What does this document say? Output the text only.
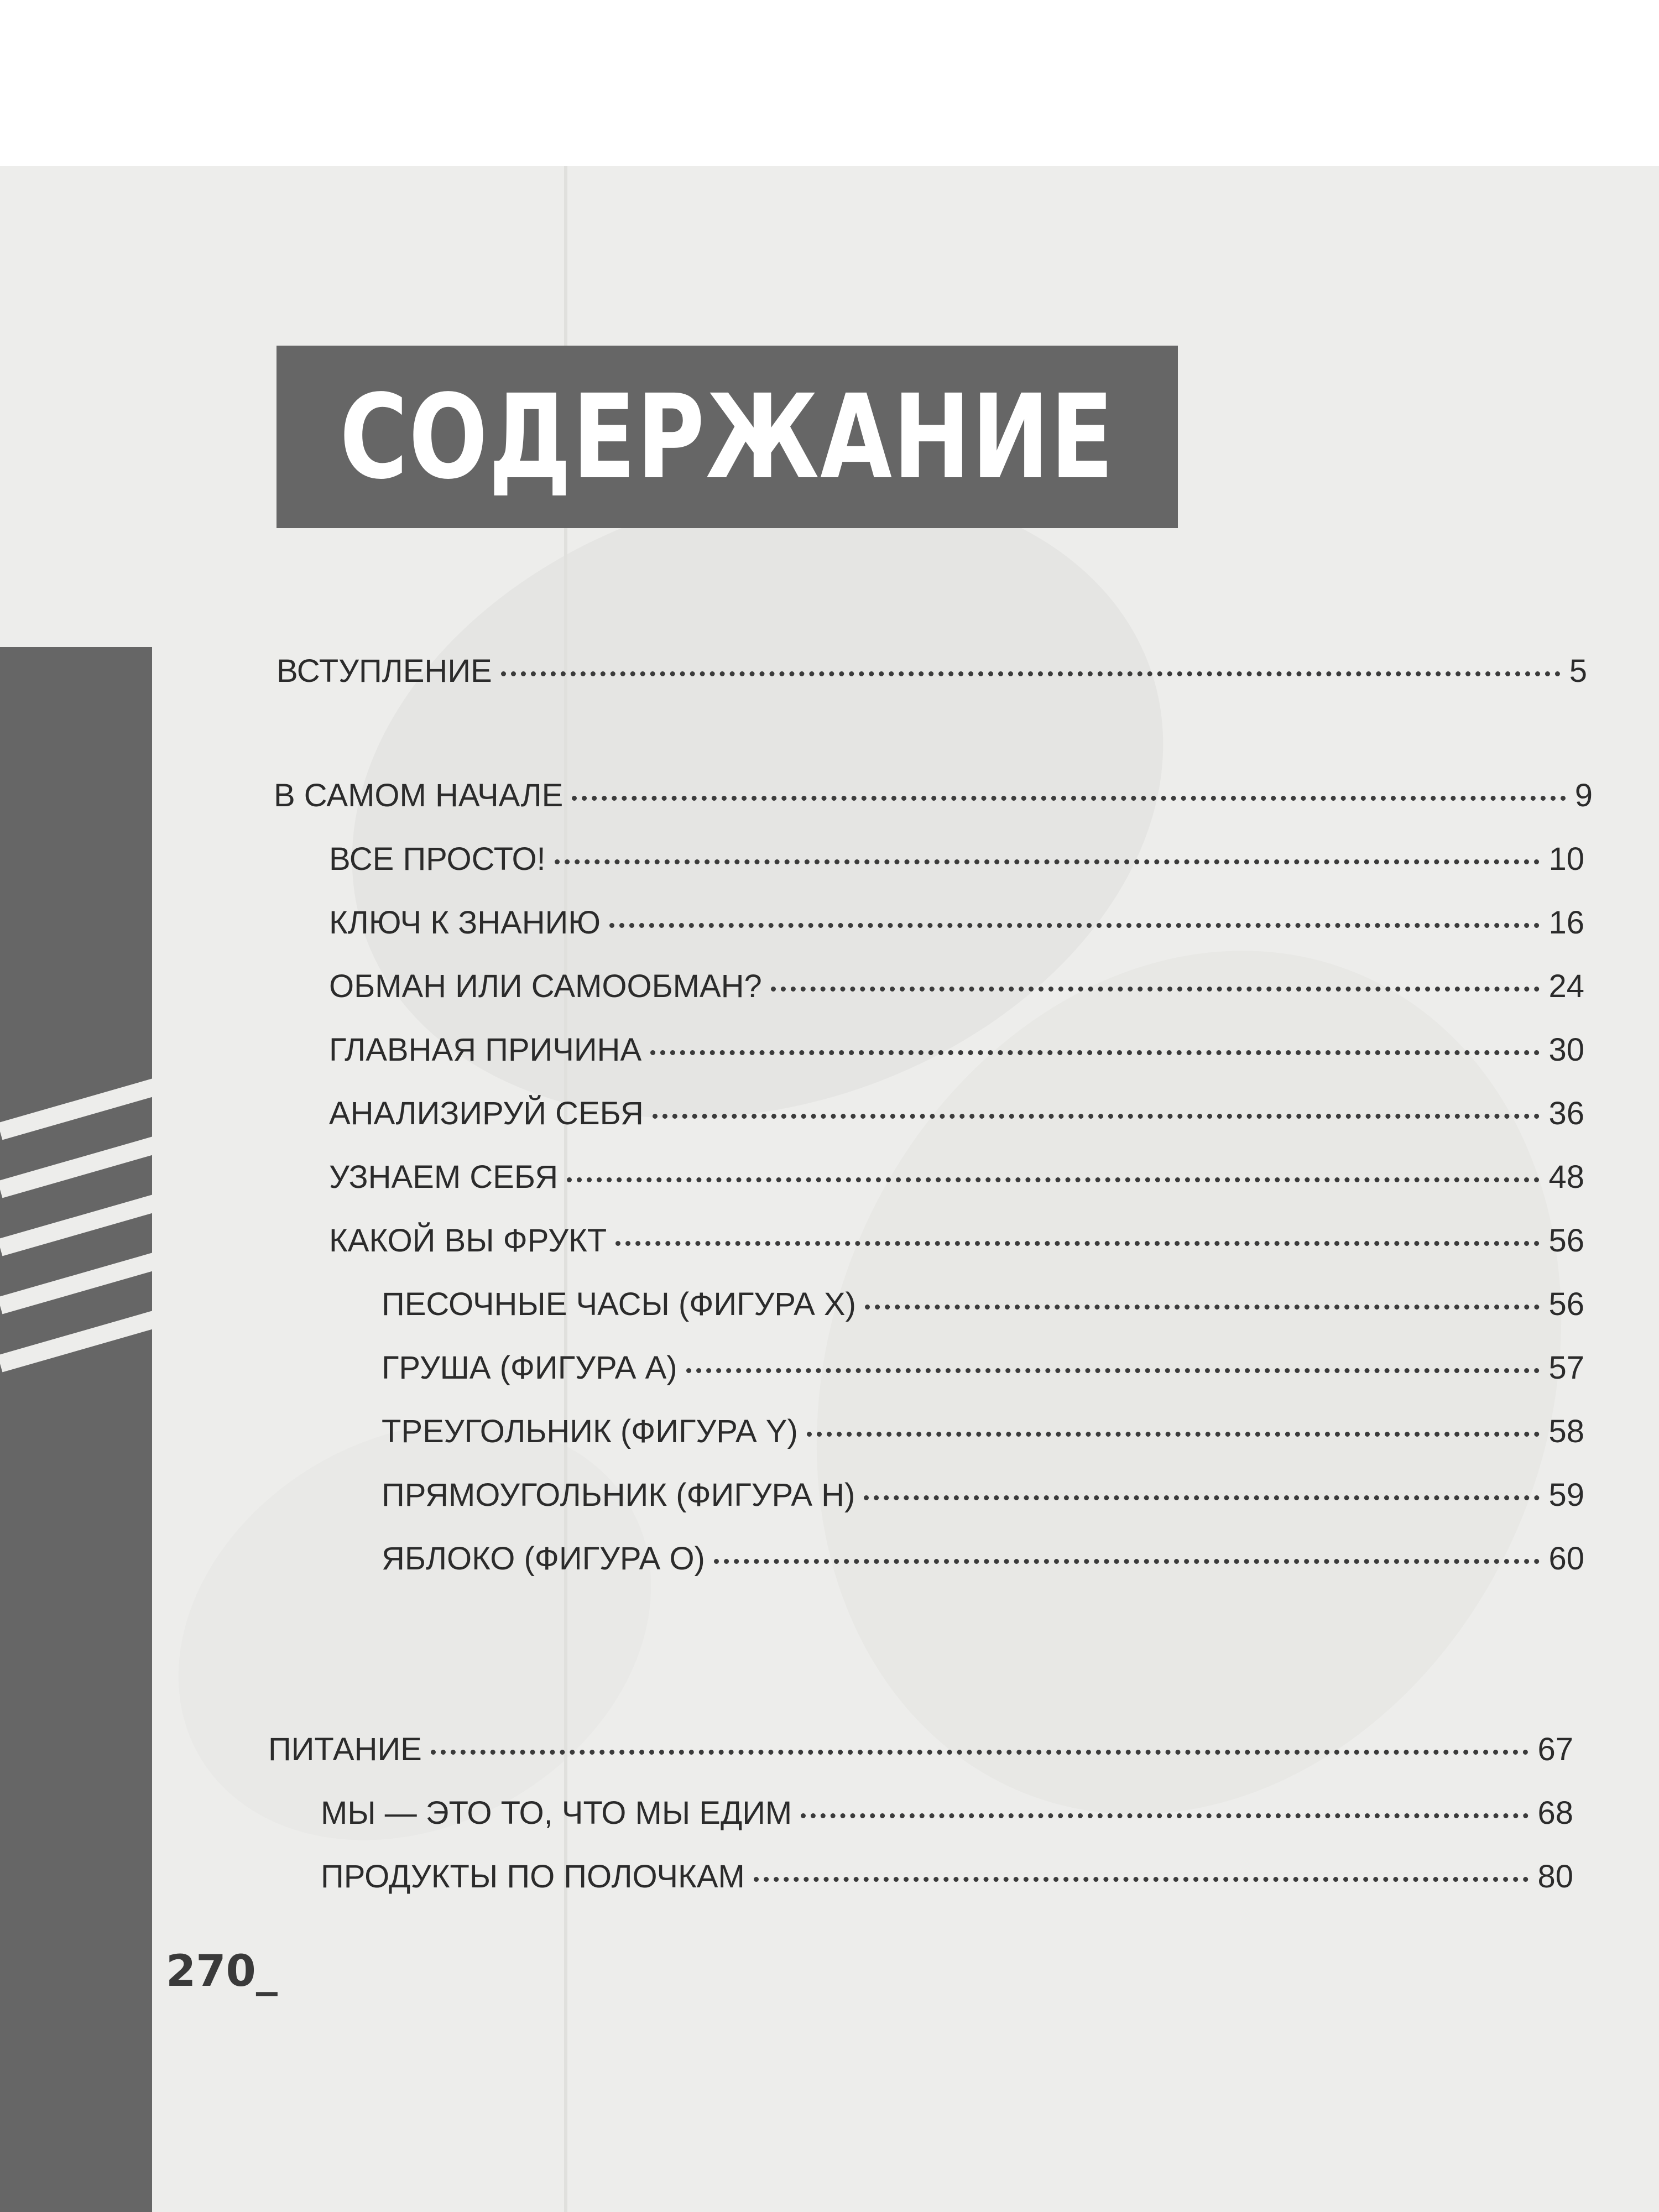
СОДЕРЖАНИЕ
ВСТУПЛЕНИЕ	5
В САМОМ НАЧАЛЕ	9
ВСЕ ПРОСТО!	10
КЛЮЧ К ЗНАНИЮ	16
ОБМАН ИЛИ САМООБМАН?	24
ГЛАВНАЯ ПРИЧИНА	30
АНАЛИЗИРУЙ СЕБЯ	36
УЗНАЕМ СЕБЯ	48
КАКОЙ ВЫ ФРУКТ	56
ПЕСОЧНЫЕ ЧАСЫ (ФИГУРА X)	56
ГРУША (ФИГУРА А)	57
ТРЕУГОЛЬНИК (ФИГУРА Y)	58
ПРЯМОУГОЛЬНИК (ФИГУРА Н)	59
ЯБЛОКО (ФИГУРА О)	60
ПИТАНИЕ	67
МЫ — ЭТО ТО, ЧТО МЫ ЕДИМ	68
ПРОДУКТЫ ПО ПОЛОЧКАМ	80
270_
